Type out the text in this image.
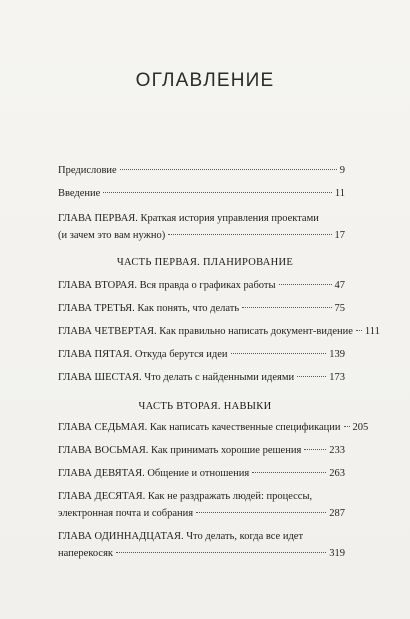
ОГЛАВЛЕНИЕ
ЧАСТЬ ПЕРВАЯ. ПЛАНИРОВАНИЕ
ЧАСТЬ ВТОРАЯ. НАВЫКИ
Предисловие	9
Введение	11
ГЛАВА ПЕРВАЯ. Краткая история управления проектами
(и зачем это вам нужно)	17
ГЛАВА ВТОРАЯ. Вся правда о графиках работы	47
ГЛАВА ТРЕТЬЯ. Как понять, что делать	75
ГЛАВА ЧЕТВЕРТАЯ. Как правильно написать документ-видение 111
ГЛАВА ПЯТАЯ. Откуда берутся идеи	139
ГЛАВА ШЕСТАЯ. Что делать с найденными идеями	173
ГЛАВА СЕДЬМАЯ. Как написать качественные спецификации 205
ГЛАВА ВОСЬМАЯ. Как принимать хорошие решения	233
ГЛАВА ДЕВЯТАЯ. Общение и отношения	263
ГЛАВА ДЕСЯТАЯ. Как не раздражать людей: процессы,
электронная почта и собрания	287
ГЛАВА ОДИННАДЦАТАЯ. Что делать, когда все идет
наперекосяк	319
